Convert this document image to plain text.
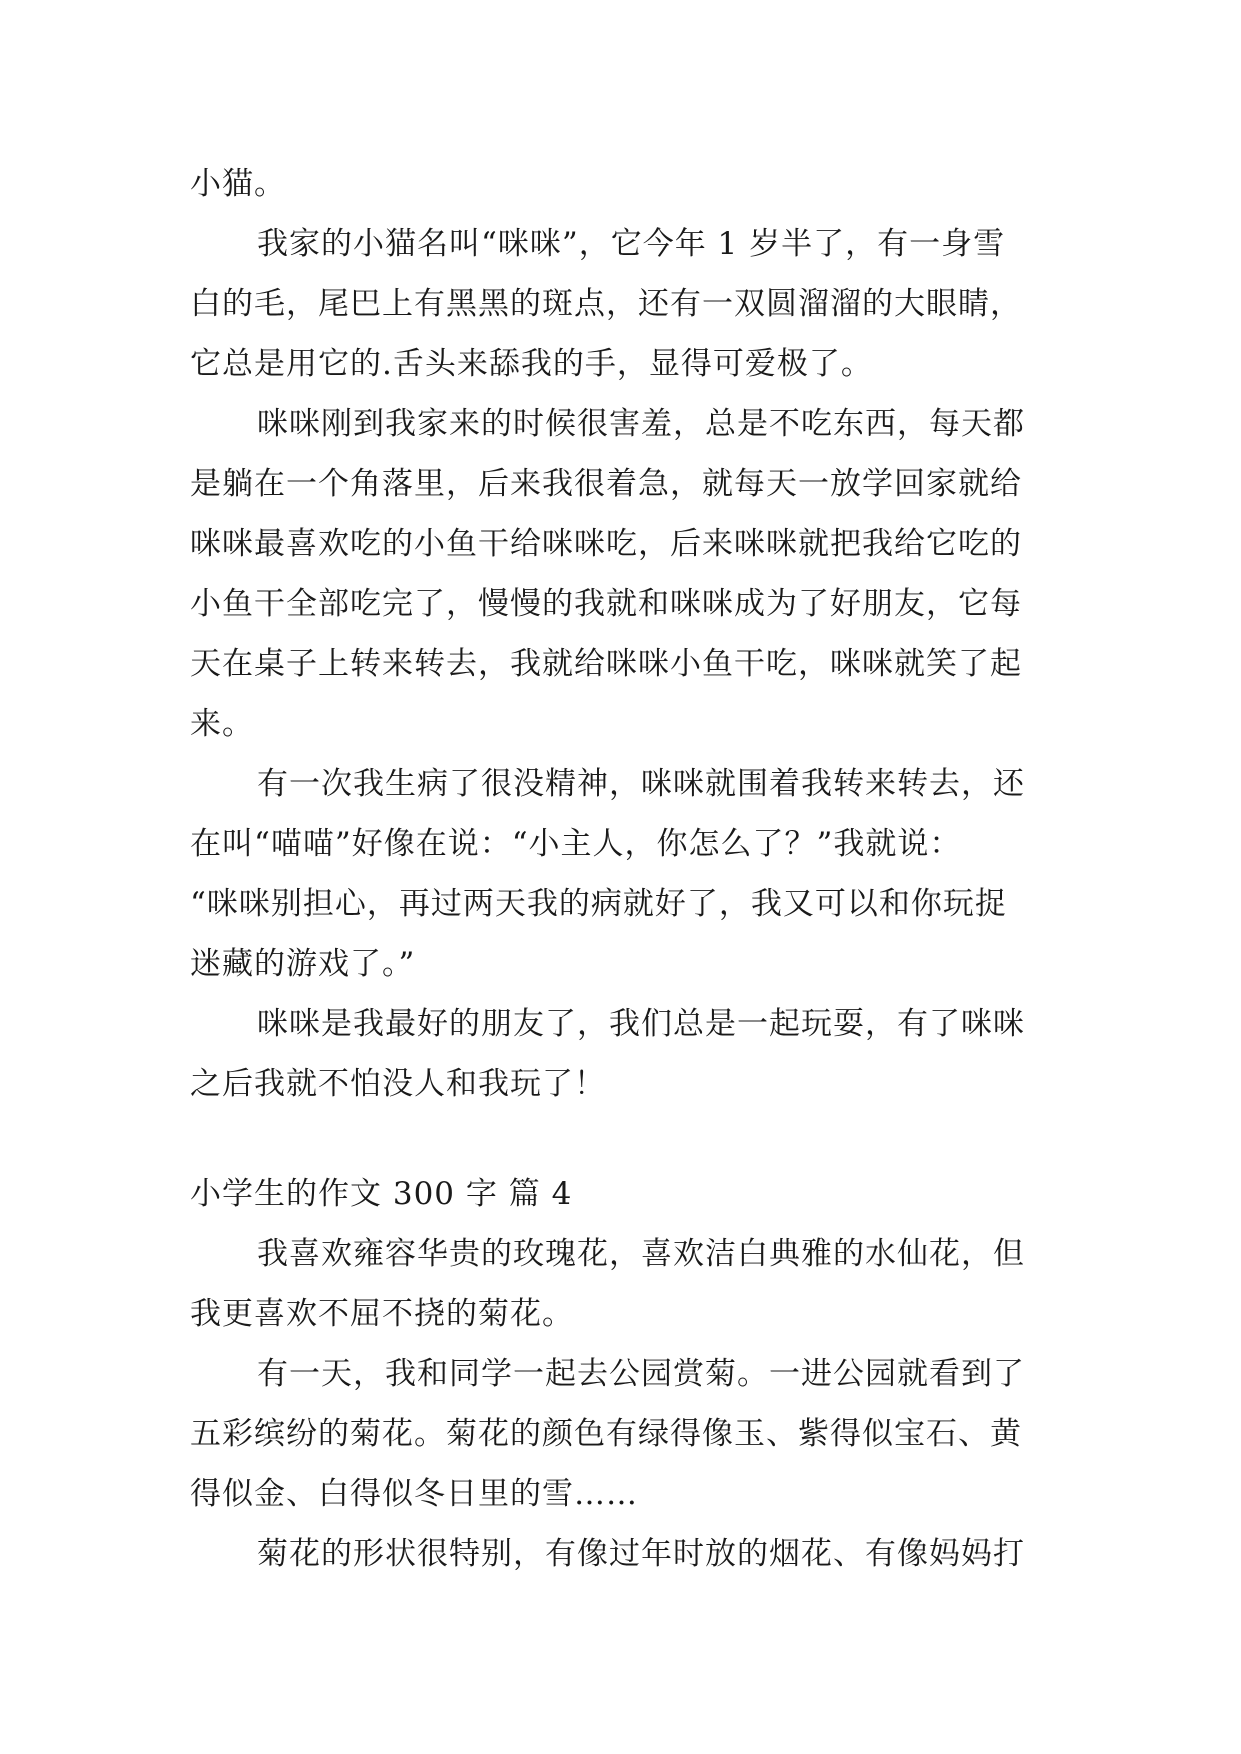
小猫。
我家的小猫名叫“咪咪”，它今年 1 岁半了，有一身雪
白的毛，尾巴上有黑黑的斑点，还有一双圆溜溜的大眼睛，
它总是用它的.舌头来舔我的手，显得可爱极了。
咪咪刚到我家来的时候很害羞，总是不吃东西，每天都
是躺在一个角落里，后来我很着急，就每天一放学回家就给
咪咪最喜欢吃的小鱼干给咪咪吃，后来咪咪就把我给它吃的
小鱼干全部吃完了，慢慢的我就和咪咪成为了好朋友，它每
天在桌子上转来转去，我就给咪咪小鱼干吃，咪咪就笑了起
来。
有一次我生病了很没精神，咪咪就围着我转来转去，还
在叫“喵喵”好像在说：“小主人，你怎么了？”我就说：
“咪咪别担心，再过两天我的病就好了，我又可以和你玩捉
迷藏的游戏了。”
咪咪是我最好的朋友了，我们总是一起玩耍，有了咪咪
之后我就不怕没人和我玩了！
小学生的作文 300 字 篇 4
我喜欢雍容华贵的玫瑰花，喜欢洁白典雅的水仙花，但
我更喜欢不屈不挠的菊花。
有一天，我和同学一起去公园赏菊。一进公园就看到了
五彩缤纷的菊花。菊花的颜色有绿得像玉、紫得似宝石、黄
得似金、白得似冬日里的雪……
菊花的形状很特别，有像过年时放的烟花、有像妈妈打
